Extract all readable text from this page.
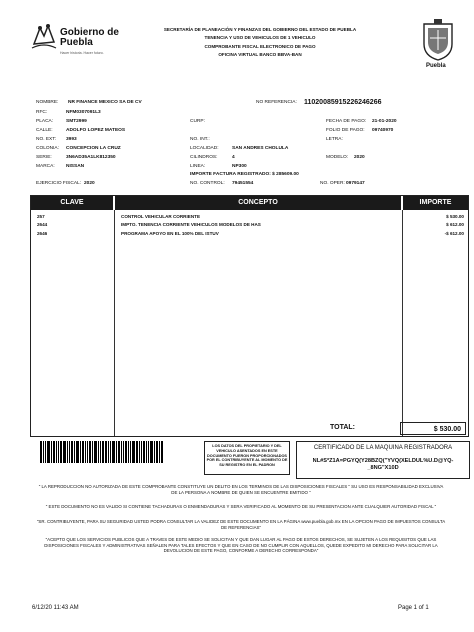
Gobierno de Puebla
Hacer historia. Hacer futuro.
SECRETARÍA DE PLANEACIÓN Y FINANZAS DEL GOBIERNO DEL ESTADO DE PUEBLA
TENENCIA Y USO DE VEHICULOS DE 1 VEHICULO
COMPROBANTE FISCAL ELECTRONICO DE PAGO
OFICINA VIRTUAL BANCO BBVA-BAN
Puebla
NOMBRE: NR FINANCE MEXICO SA DE CV	NO REFERENCIA: 11020085915226246266
RFC:	NFM0307091L3
PLACA:	SMT2999	CURP:	FECHA DE PAGO: 21-01-2020
CALLE:	ADOLFO LOPEZ MATEOS	FOLIO DE PAGO: 09740970
NO. EXT: 3993	NO. INT.:	LETRA:
COLONIA: CONCEPCION LA CRUZ	LOCALIDAD:	SAN ANDRES CHOLULA
SERIE:	3N6AD35A1LK812350	CILINDROS:	4	MODELO: 2020
MARCA: NISSAN	LINEA:	NP300
IMPORTE FACTURA REGISTRADO: $ 285609.00
EJERCICIO FISCAL: 2020	NO. CONTROL: 79451554	NO. OPER: 0979147
CLAVE	CONCEPTO	IMPORTE
257	CONTROL VEHICULAR CORRIENTE	$ 530.00
2644	IMPTO. TENENCIA CORRIENTE VEHICULOS MODELOS DE HAS	$ 612.00
2646	PROGRAMA APOYO EN EL 100% DEL ISTUV	-$ 612.00
TOTAL:	$ 530.00
LOS DATOS DEL PROPIETARIO Y DEL VEHICULO ASENTADOS EN ESTE DOCUMENTO FUERON PROPORCIONADOS POR EL CONTRIBUYENTE AL MOMENTO DE SU REGISTRO EN EL PADRON
CERTIFICADO DE LA MAQUINA REGISTRADORA
NL#S*Z1A=PGYQ(Y28BZQ("YVQ(XELDUL%U.D@YQ-_8NG"X10D
" LA REPRODUCCION NO AUTORIZADA DE ESTE COMPROBANTE CONSTITUYE UN DELITO EN LOS TERMINOS DE LAS DISPOSICIONES FISCALES " SU USO ES RESPONSABILIDAD EXCLUSIVA DE LA PERSONA A NOMBRE DE QUIEN SE ENCUENTRE EMITIDO "
" ESTE DOCUMENTO NO ES VALIDO SI CONTIENE TACHADURAS O ENMENDADURAS Y SERA VERIFICADO AL MOMENTO DE SU PRESENTACION ANTE CUALQUIER AUTORIDAD FISCAL "
"SR. CONTRIBUYENTE, PARA SU SEGURIDAD USTED PODRA CONSULTAR LA VALIDEZ DE ESTE DOCUMENTO EN LA PÁGINA www.puebla.gob.mx EN LA OPCION PAGO DE IMPUESTOS CONSULTA DE REFERENCIAS"
"ACEPTO QUE LOS SERVICIOS PUBLICOS QUE A TRAVES DE ESTE MEDIO SE SOLICITAN Y QUE DAN LUGAR AL PAGO DE ESTOS DERECHOS, SE SUJETEN A LOS REQUISITOS QUE LAS DISPOSICIONES FISCALES Y ADMINISTRATIVAS SEÑALEN PARA TALES EFECTOS Y QUE EN CASO DE NO CUMPLIR CON AQUELLOS, QUEDE EXPEDITO MI DERECHO PARA SOLICITAR LA DEVOLUCION DE ESTE PAGO, CONFORME A DERECHO CORRESPONDA"
6/12/20 11:43 AM	Page 1 of 1
